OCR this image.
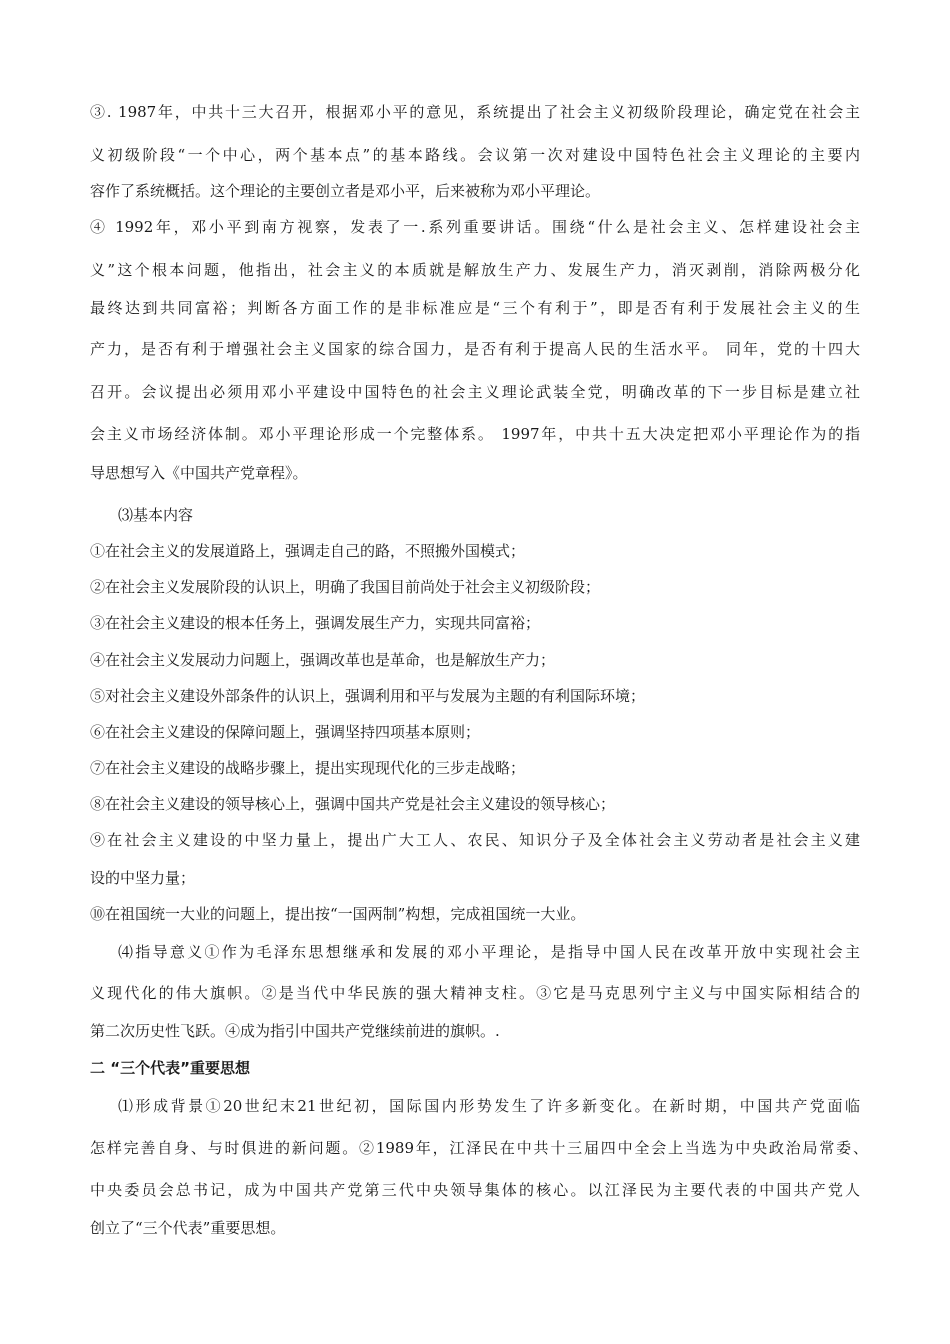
③. 1987年，中共十三大召开，根据邓小平的意见，系统提出了社会主义初级阶段理论，确定党在社会主
义初级阶段“一个中心，两个基本点”的基本路线。会议第一次对建设中国特色社会主义理论的主要内
容作了系统概括。这个理论的主要创立者是邓小平，后来被称为邓小平理论。
④ 1992年，邓小平到南方视察，发表了一.系列重要讲话。围绕“什么是社会主义、怎样建设社会主
义”这个根本问题，他指出，社会主义的本质就是解放生产力、发展生产力，消灭剥削，消除两极分化
最终达到共同富裕；判断各方面工作的是非标准应是“三个有利于”，即是否有利于发展社会主义的生
产力，是否有利于增强社会主义国家的综合国力，是否有利于提高人民的生活水平。 同年，党的十四大
召开。会议提出必须用邓小平建设中国特色的社会主义理论武装全党，明确改革的下一步目标是建立社
会主义市场经济体制。邓小平理论形成一个完整体系。 1997年，中共十五大决定把邓小平理论作为的指
导思想写入《中国共产党章程》。
⑶基本内容
①在社会主义的发展道路上，强调走自己的路，不照搬外国模式；
②在社会主义发展阶段的认识上，明确了我国目前尚处于社会主义初级阶段；
③在社会主义建设的根本任务上，强调发展生产力，实现共同富裕；
④在社会主义发展动力问题上，强调改革也是革命，也是解放生产力；
⑤对社会主义建设外部条件的认识上，强调利用和平与发展为主题的有利国际环境；
⑥在社会主义建设的保障问题上，强调坚持四项基本原则；
⑦在社会主义建设的战略步骤上，提出实现现代化的三步走战略；
⑧在社会主义建设的领导核心上，强调中国共产党是社会主义建设的领导核心；
⑨在社会主义建设的中坚力量上，提出广大工人、农民、知识分子及全体社会主义劳动者是社会主义建
设的中坚力量；
⑩在祖国统一大业的问题上，提出按“一国两制”构想，完成祖国统一大业。
⑷指导意义①作为毛泽东思想继承和发展的邓小平理论，是指导中国人民在改革开放中实现社会主
义现代化的伟大旗帜。②是当代中华民族的强大精神支柱。③它是马克思列宁主义与中国实际相结合的
第二次历史性飞跃。④成为指引中国共产党继续前进的旗帜。.
二 “三个代表”重要思想
⑴形成背景①20世纪末21世纪初，国际国内形势发生了许多新变化。在新时期，中国共产党面临
怎样完善自身、与时俱进的新问题。②1989年，江泽民在中共十三届四中全会上当选为中央政治局常委、
中央委员会总书记，成为中国共产党第三代中央领导集体的核心。以江泽民为主要代表的中国共产党人
创立了“三个代表”重要思想。
